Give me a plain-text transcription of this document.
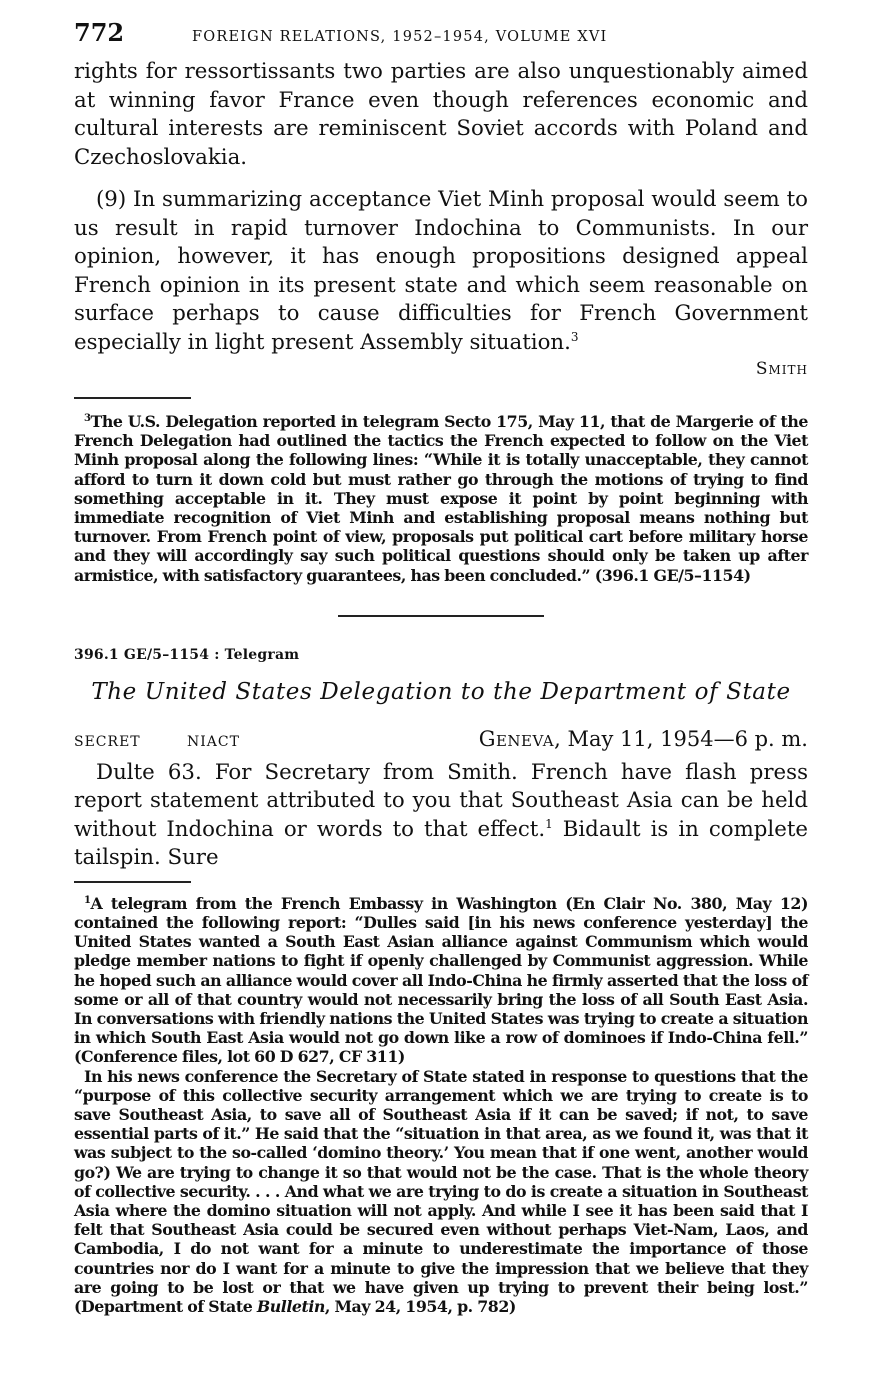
772	FOREIGN RELATIONS, 1952–1954, VOLUME XVI

rights for ressortissants two parties are also unquestionably aimed at winning favor France even though references economic and cultural interests are reminiscent Soviet accords with Poland and Czechoslovakia.

(9) In summarizing acceptance Viet Minh proposal would seem to us result in rapid turnover Indochina to Communists. In our opinion, however, it has enough propositions designed appeal French opinion in its present state and which seem reasonable on surface perhaps to cause difficulties for French Government especially in light present Assembly situation.$^3$

Smith

$^3$The U.S. Delegation reported in telegram Secto 175, May 11, that de Margerie of the French Delegation had outlined the tactics the French expected to follow on the Viet Minh proposal along the following lines: “While it is totally unacceptable, they cannot afford to turn it down cold but must rather go through the motions of trying to find something acceptable in it. They must expose it point by point beginning with immediate recognition of Viet Minh and establishing proposal means nothing but turnover. From French point of view, proposals put political cart before military horse and they will accordingly say such political questions should only be taken up after armistice, with satisfactory guarantees, has been concluded.” (396.1 GE/5–1154)

396.1 GE/5–1154 : Telegram
The United States Delegation to the Department of State
SECRET	NIACT	Geneva, May 11, 1954—6 p. m.

Dulte 63. For Secretary from Smith. French have flash press report statement attributed to you that Southeast Asia can be held without Indochina or words to that effect.$^1$ Bidault is in complete tailspin. Sure

$^1$A telegram from the French Embassy in Washington (En Clair No. 380, May 12) contained the following report: “Dulles said [in his news conference yesterday] the United States wanted a South East Asian alliance against Communism which would pledge member nations to fight if openly challenged by Communist aggression. While he hoped such an alliance would cover all Indo-China he firmly asserted that the loss of some or all of that country would not necessarily bring the loss of all South East Asia. In conversations with friendly nations the United States was trying to create a situation in which South East Asia would not go down like a row of dominoes if Indo-China fell.” (Conference files, lot 60 D 627, CF 311)

In his news conference the Secretary of State stated in response to questions that the “purpose of this collective security arrangement which we are trying to create is to save Southeast Asia, to save all of Southeast Asia if it can be saved; if not, to save essential parts of it.” He said that the “situation in that area, as we found it, was that it was subject to the so-called ‘domino theory.’ You mean that if one went, another would go?) We are trying to change it so that would not be the case. That is the whole theory of collective security. . . . And what we are trying to do is create a situation in Southeast Asia where the domino situation will not apply. And while I see it has been said that I felt that Southeast Asia could be secured even without perhaps Viet-Nam, Laos, and Cambodia, I do not want for a minute to underestimate the importance of those countries nor do I want for a minute to give the impression that we believe that they are going to be lost or that we have given up trying to prevent their being lost.” (Department of State Bulletin, May 24, 1954, p. 782)
